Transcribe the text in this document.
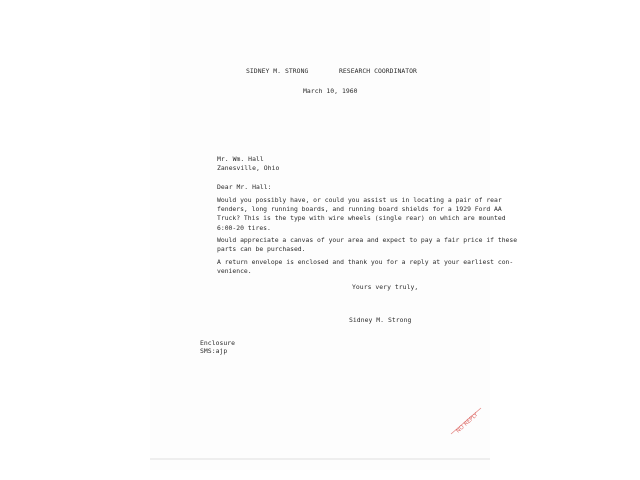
SIDNEY M. STRONG	RESEARCH COORDINATOR
March 10, 1960
Mr. Wm. Hall
Zanesville, Ohio
Dear Mr. Hall:
Would you possibly have, or could you assist us in locating a pair of rear
fenders, long running boards, and running board shields for a 1929 Ford AA
Truck? This is the type with wire wheels (single rear) on which are mounted
6:00-20 tires.
Would appreciate a canvas of your area and expect to pay a fair price if these
parts can be purchased.
A return envelope is enclosed and thank you for a reply at your earliest con-
venience.
Yours very truly,
Sidney M. Strong
Enclosure
SMS:ajp
NO REPLY
